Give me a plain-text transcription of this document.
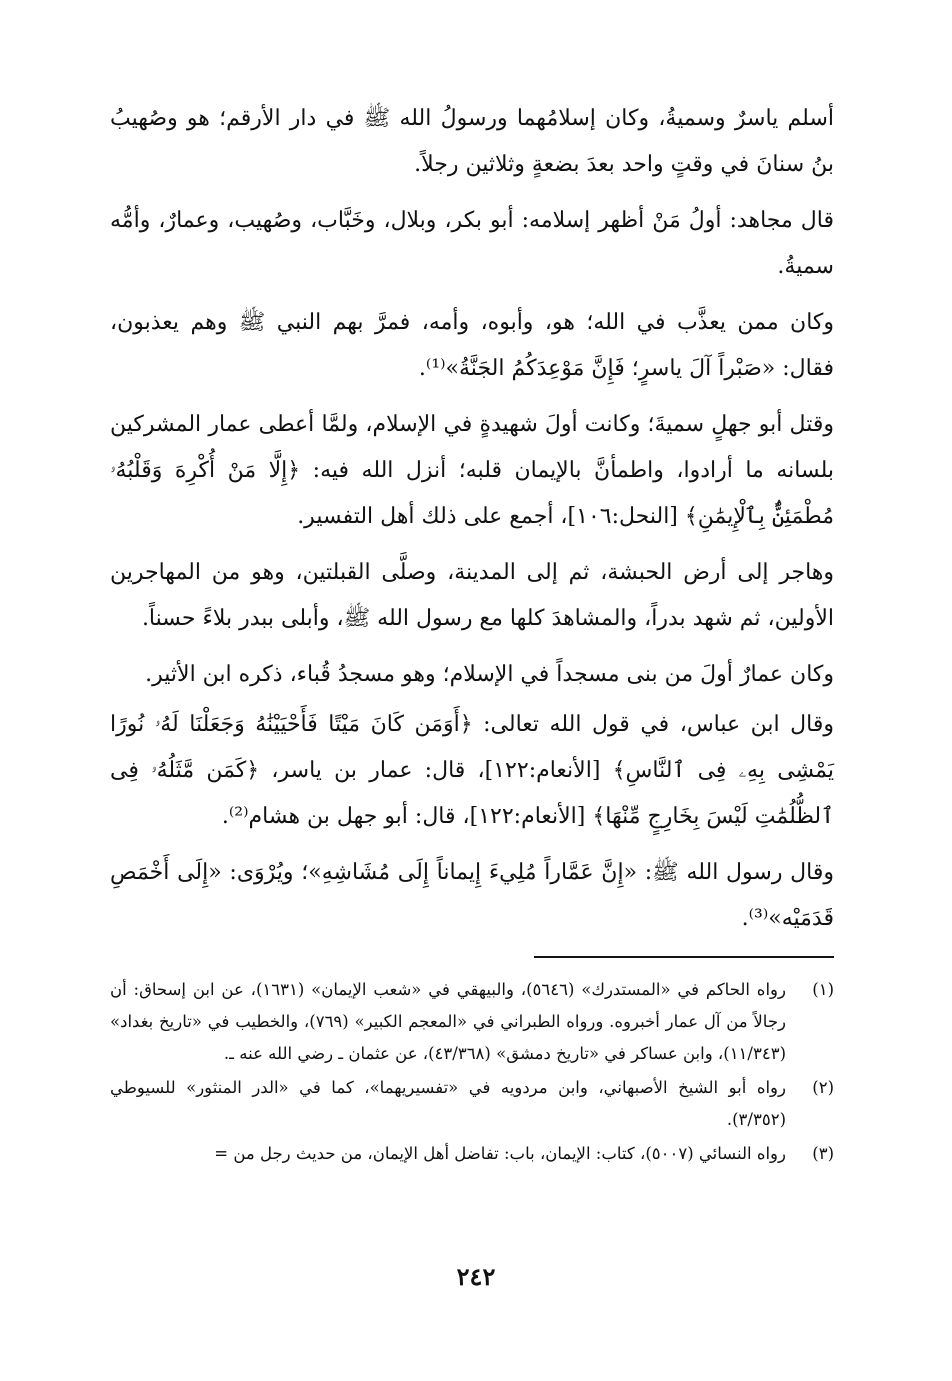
أسلم ياسرٌ وسميةُ، وكان إسلامُهما ورسولُ الله ﷺ في دار الأرقم؛ هو وصُهيبُ بنُ سنانَ في وقتٍ واحد بعدَ بضعةٍ وثلاثين رجلاً.

قال مجاهد: أولُ مَنْ أظهر إسلامه: أبو بكر، وبلال، وخَبَّاب، وصُهيب، وعمارٌ، وأمُّه سميةُ.

وكان ممن يعذَّب في الله؛ هو، وأبوه، وأمه، فمرَّ بهم النبي ﷺ وهم يعذبون، فقال: «صَبْراً آلَ ياسرٍ؛ فَإِنَّ مَوْعِدَكُمُ الجَنَّةُ»⁽¹⁾.

وقتل أبو جهلٍ سميةَ؛ وكانت أولَ شهيدةٍ في الإسلام، ولمَّا أعطى عمار المشركين بلسانه ما أرادوا، واطمأنَّ بالإيمان قلبه؛ أنزل الله فيه: ﴿إِلَّا مَنْ أُكْرِهَ وَقَلْبُهُۥ مُطْمَئِنٌّۢ بِٱلْإِيمَٰنِ﴾ [النحل:١٠٦]، أجمع على ذلك أهل التفسير.

وهاجر إلى أرض الحبشة، ثم إلى المدينة، وصلَّى القبلتين، وهو من المهاجرين الأولين، ثم شهد بدراً، والمشاهدَ كلها مع رسول الله ﷺ، وأبلى ببدر بلاءً حسناً.

وكان عمارٌ أولَ من بنى مسجداً في الإسلام؛ وهو مسجدُ قُباء، ذكره ابن الأثير.

وقال ابن عباس، في قول الله تعالى: ﴿أَوَمَن كَانَ مَيْتًا فَأَحْيَيْنَٰهُ وَجَعَلْنَا لَهُۥ نُورًا يَمْشِى بِهِۦ فِى ٱلنَّاسِ﴾ [الأنعام:١٢٢]، قال: عمار بن ياسر، ﴿كَمَن مَّثَلُهُۥ فِى ٱلظُّلُمَٰتِ لَيْسَ بِخَارِجٍ مِّنْهَا﴾ [الأنعام:١٢٢]، قال: أبو جهل بن هشام⁽²⁾.

وقال رسول الله ﷺ: «إِنَّ عَمَّاراً مُلِيءَ إِيماناً إِلَى مُشَاشِهِ»؛ ويُرْوَى: «إِلَى أَخْمَصِ قَدَمَيْه»⁽³⁾.

(١)
رواه الحاكم في «المستدرك» (٥٦٤٦)، والبيهقي في «شعب الإيمان» (١٦٣١)، عن ابن إسحاق: أن رجالاً من آل عمار أخبروه. ورواه الطبراني في «المعجم الكبير» (٧٦٩)، والخطيب في «تاريخ بغداد» (١١/٣٤٣)، وابن عساكر في «تاريخ دمشق» (٤٣/٣٦٨)، عن عثمان ـ رضي الله عنه ـ.
(٢)
رواه أبو الشيخ الأصبهاني، وابن مردويه في «تفسيريهما»، كما في «الدر المنثور» للسيوطي (٣/٣٥٢).
(٣)
رواه النسائي (٥٠٠٧)، كتاب: الإيمان، باب: تفاضل أهل الإيمان، من حديث رجل من =
٢٤٢
